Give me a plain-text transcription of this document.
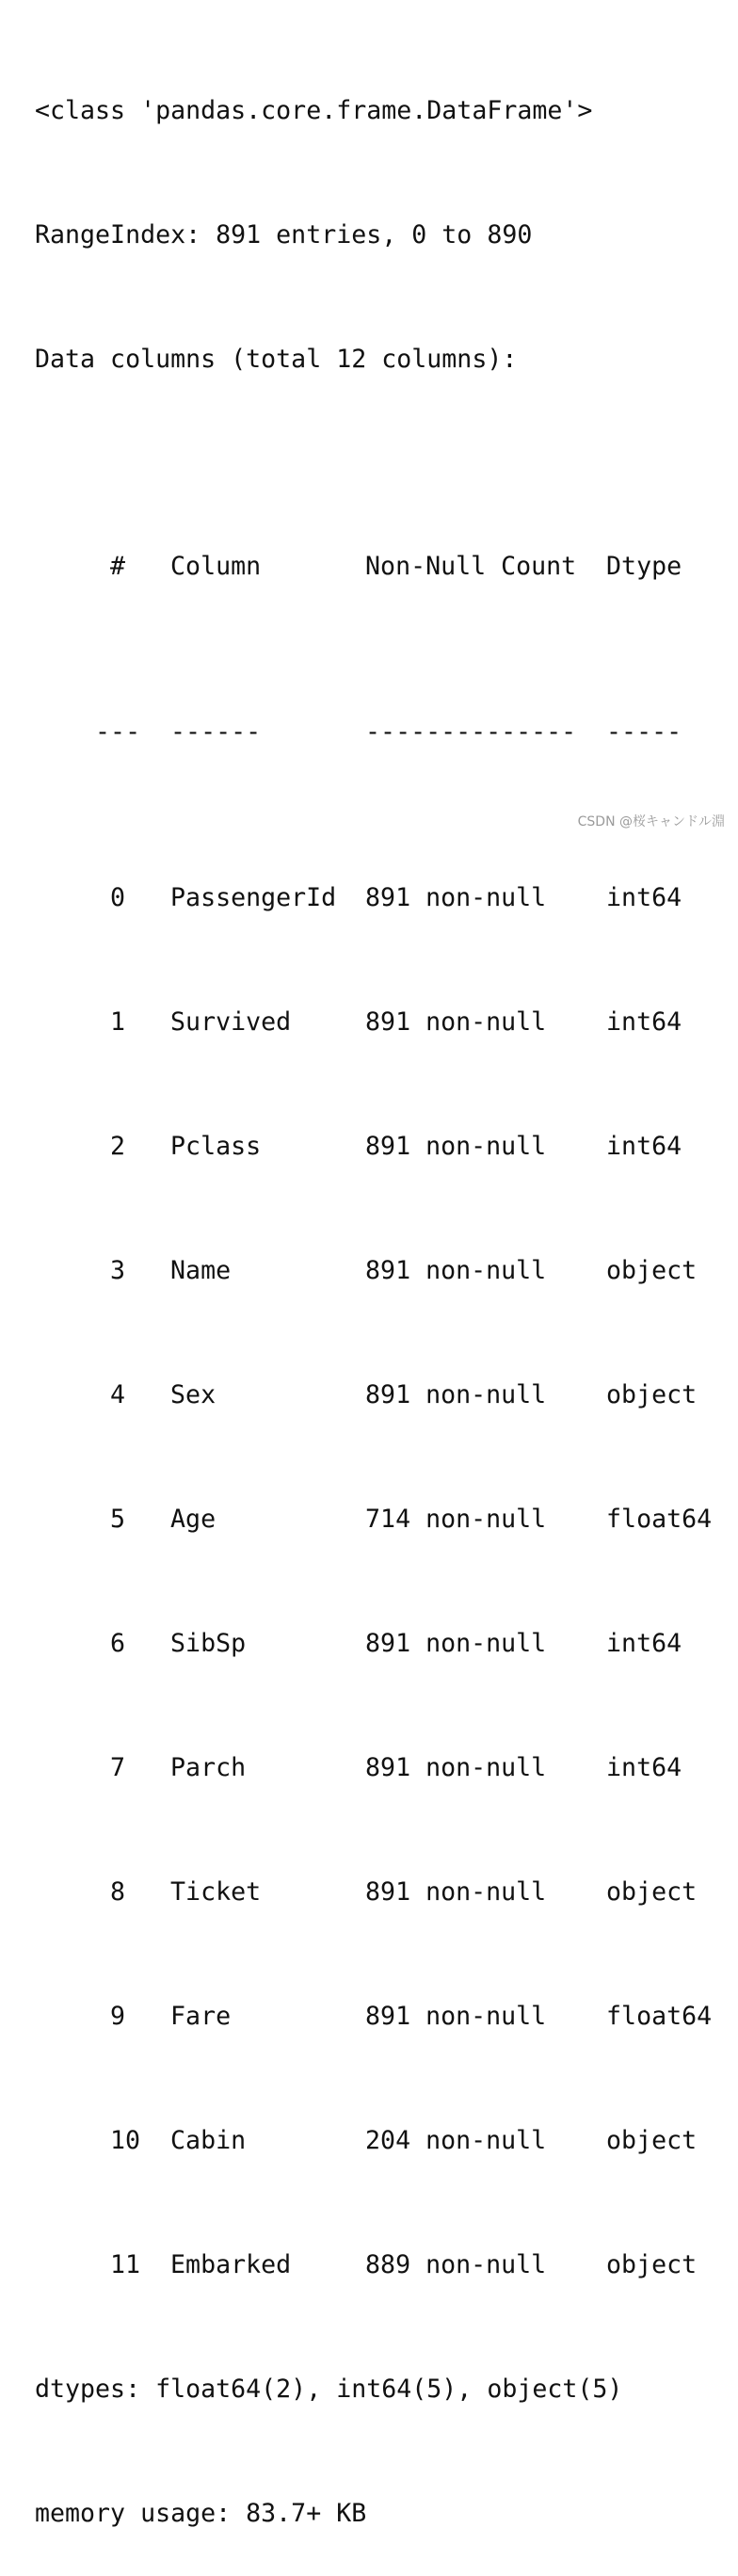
<class 'pandas.core.frame.DataFrame'>

RangeIndex: 891 entries, 0 to 890

Data columns (total 12 columns):

# Column	Non-Null Count Dtype

--- ------	-------------- -----

0 PassengerId 891 non-null int64

1 Survived	891 non-null int64

2 Pclass	891 non-null int64

3 Name	891 non-null object

4 Sex	891 non-null object

5 Age	714 non-null float64

6 SibSp	891 non-null int64

7 Parch	891 non-null int64

8 Ticket	891 non-null object

9 Fare	891 non-null float64

10 Cabin	204 non-null object

11 Embarked	889 non-null object

dtypes: float64(2), int64(5), object(5)

memory usage: 83.7+ KB

CSDN @桜キャンドル淵
